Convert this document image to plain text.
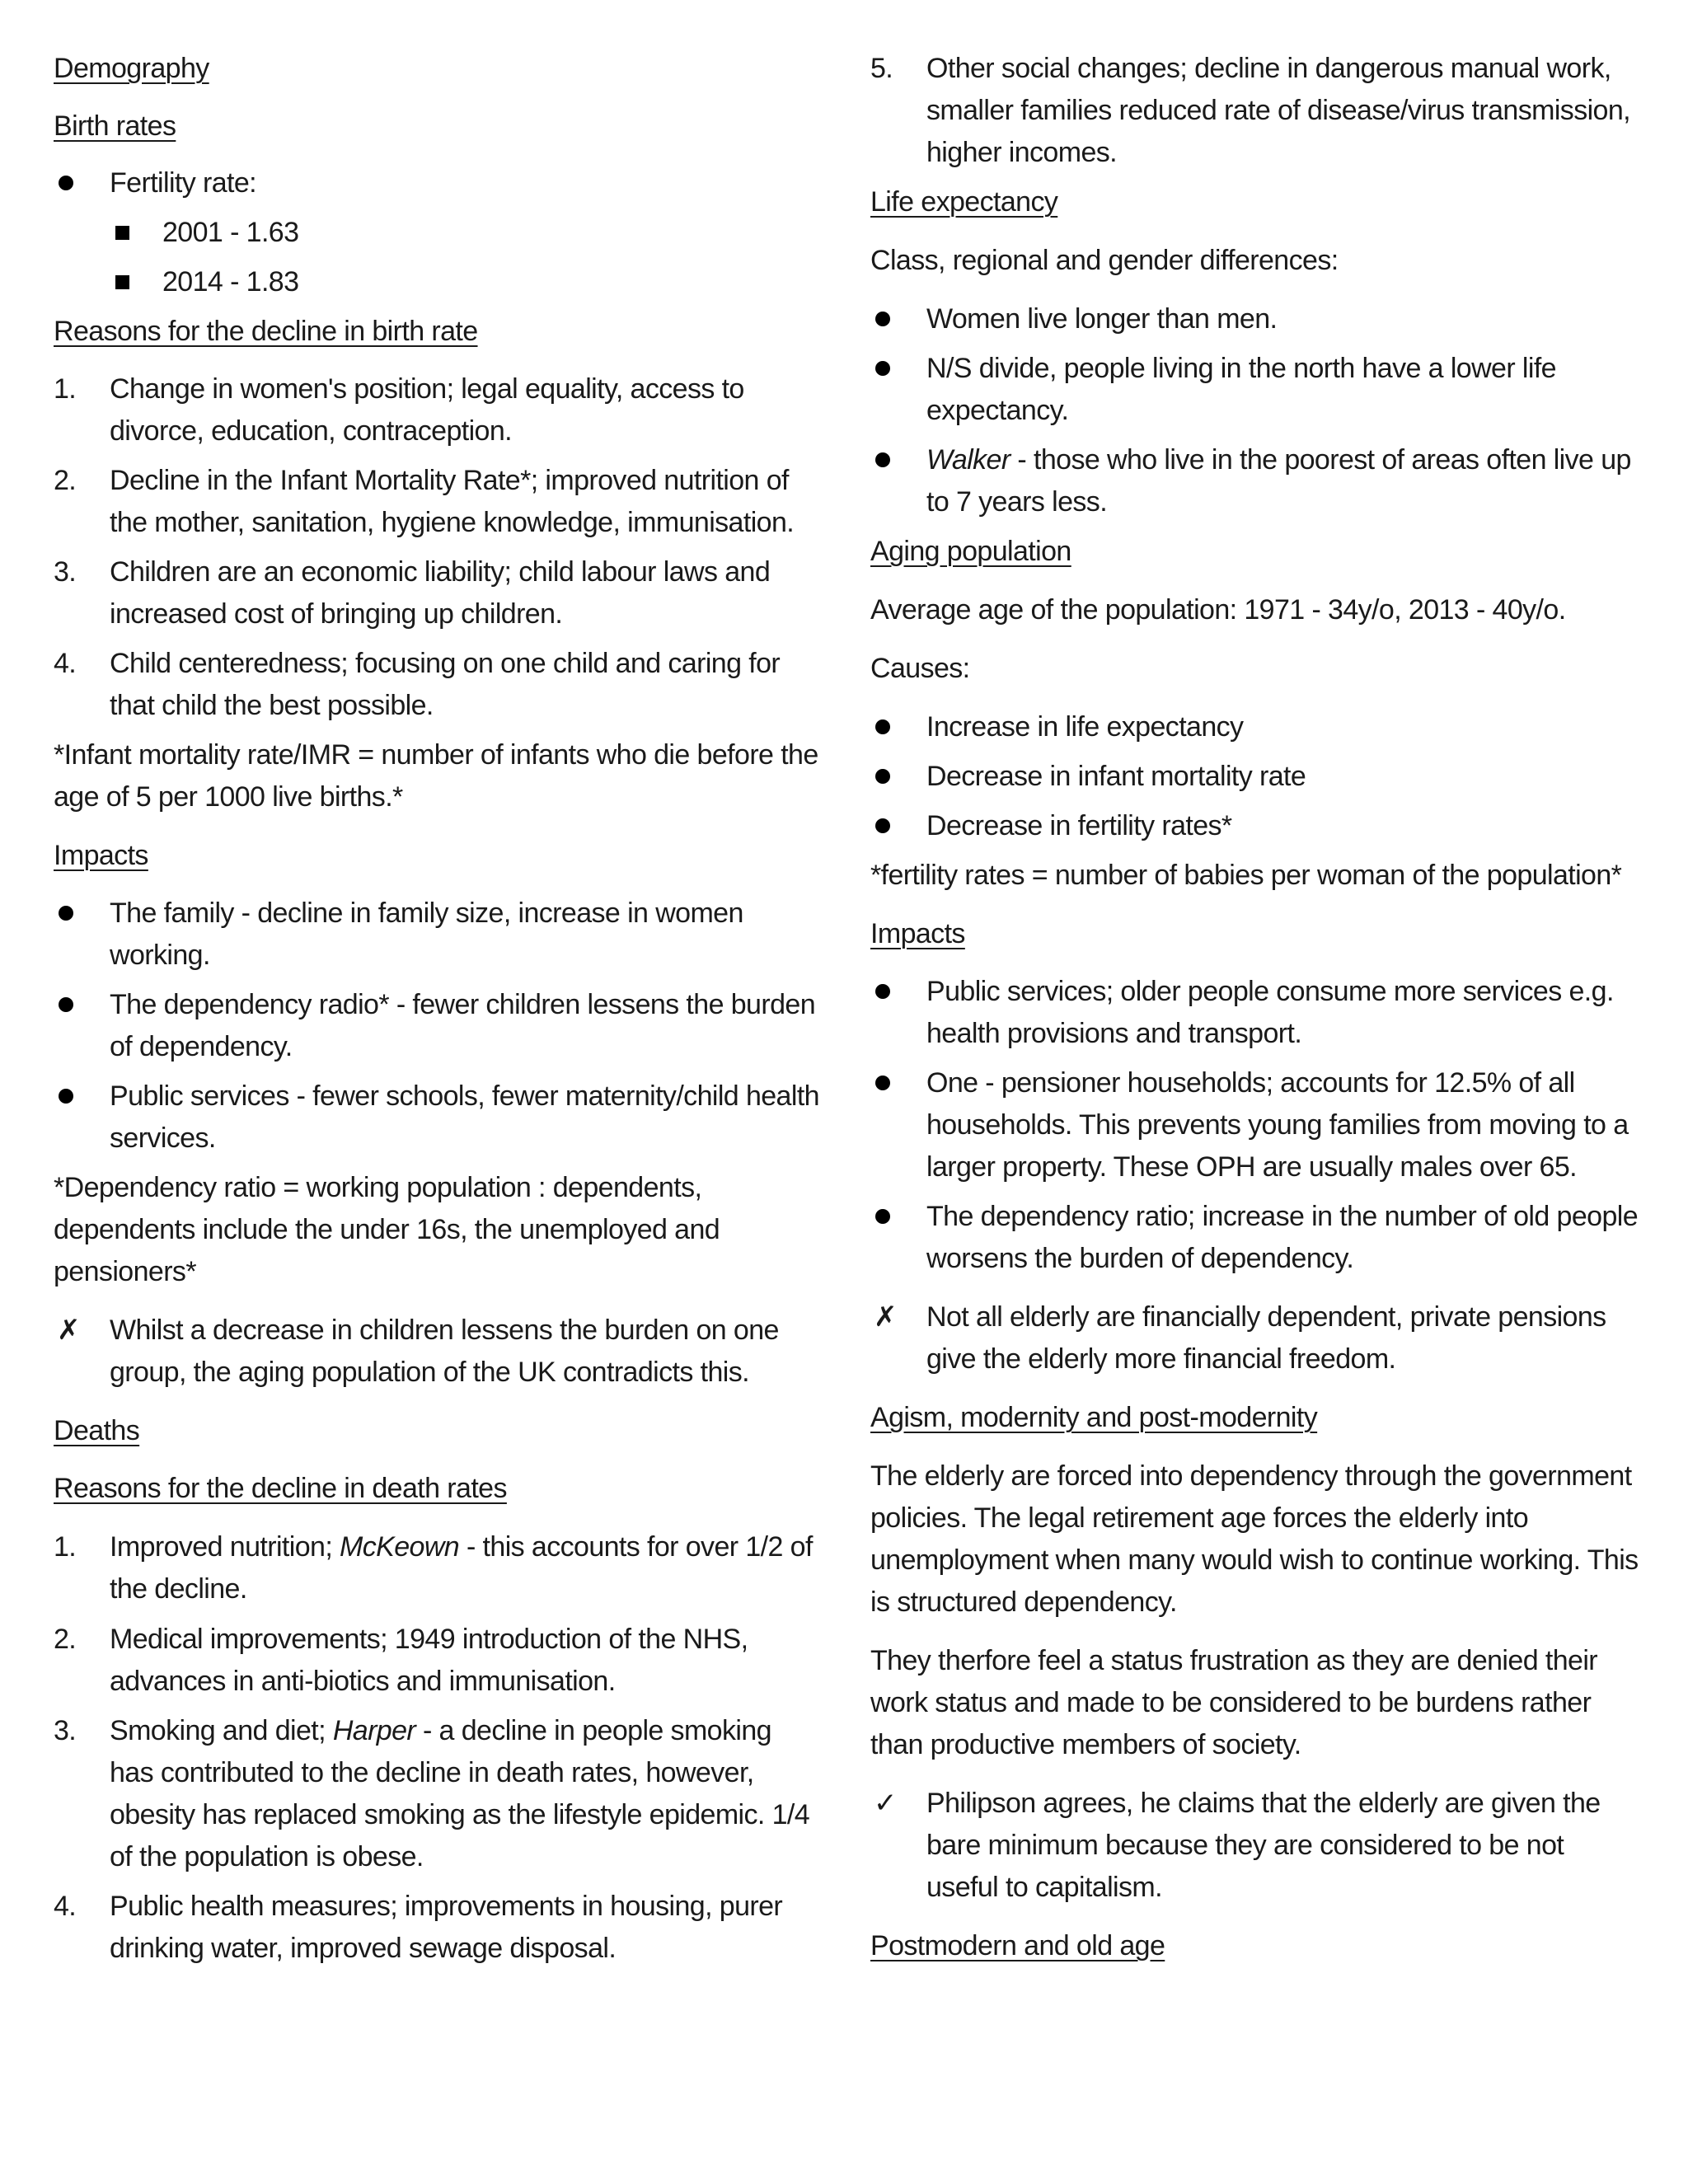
Demography

Birth rates

Fertility rate:
2001 - 1.63
2014 - 1.83

Reasons for the decline in birth rate

1. Change in women's position; legal equality, access to divorce, education, contraception.
2. Decline in the Infant Mortality Rate*; improved nutrition of the mother, sanitation, hygiene knowledge, immunisation.
3. Children are an economic liability; child labour laws and increased cost of bringing up children.
4. Child centeredness; focusing on one child and caring for that child the best possible.

*Infant mortality rate/IMR = number of infants who die before the age of 5 per 1000 live births.*

Impacts

The family - decline in family size, increase in women working.
The dependency radio* - fewer children lessens the burden of dependency.
Public services - fewer schools, fewer maternity/child health services.

*Dependency ratio = working population : dependents, dependents include the under 16s, the unemployed and pensioners*

✗ Whilst a decrease in children lessens the burden on one group, the aging population of the UK contradicts this.

Deaths

Reasons for the decline in death rates

1. Improved nutrition; McKeown - this accounts for over 1/2 of the decline.
2. Medical improvements; 1949 introduction of the NHS, advances in anti-biotics and immunisation.
3. Smoking and diet; Harper - a decline in people smoking has contributed to the decline in death rates, however, obesity has replaced smoking as the lifestyle epidemic. 1/4 of the population is obese.
4. Public health measures; improvements in housing, purer drinking water, improved sewage disposal.
5. Other social changes; decline in dangerous manual work, smaller families reduced rate of disease/virus transmission, higher incomes.

Life expectancy

Class, regional and gender differences:

Women live longer than men.
N/S divide, people living in the north have a lower life expectancy.
Walker - those who live in the poorest of areas often live up to 7 years less.

Aging population

Average age of the population: 1971 - 34y/o, 2013 - 40y/o.

Causes:

Increase in life expectancy
Decrease in infant mortality rate
Decrease in fertility rates*

*fertility rates = number of babies per woman of the population*

Impacts

Public services; older people consume more services e.g. health provisions and transport.
One - pensioner households; accounts for 12.5% of all households. This prevents young families from moving to a larger property. These OPH are usually males over 65.
The dependency ratio; increase in the number of old people worsens the burden of dependency.
✗ Not all elderly are financially dependent, private pensions give the elderly more financial freedom.

Agism, modernity and post-modernity

The elderly are forced into dependency through the government policies. The legal retirement age forces the elderly into unemployment when many would wish to continue working. This is structured dependency.

They therfore feel a status frustration as they are denied their work status and made to be considered to be burdens rather than productive members of society.

✓ Philipson agrees, he claims that the elderly are given the bare minimum because they are considered to be not useful to capitalism.

Postmodern and old age
